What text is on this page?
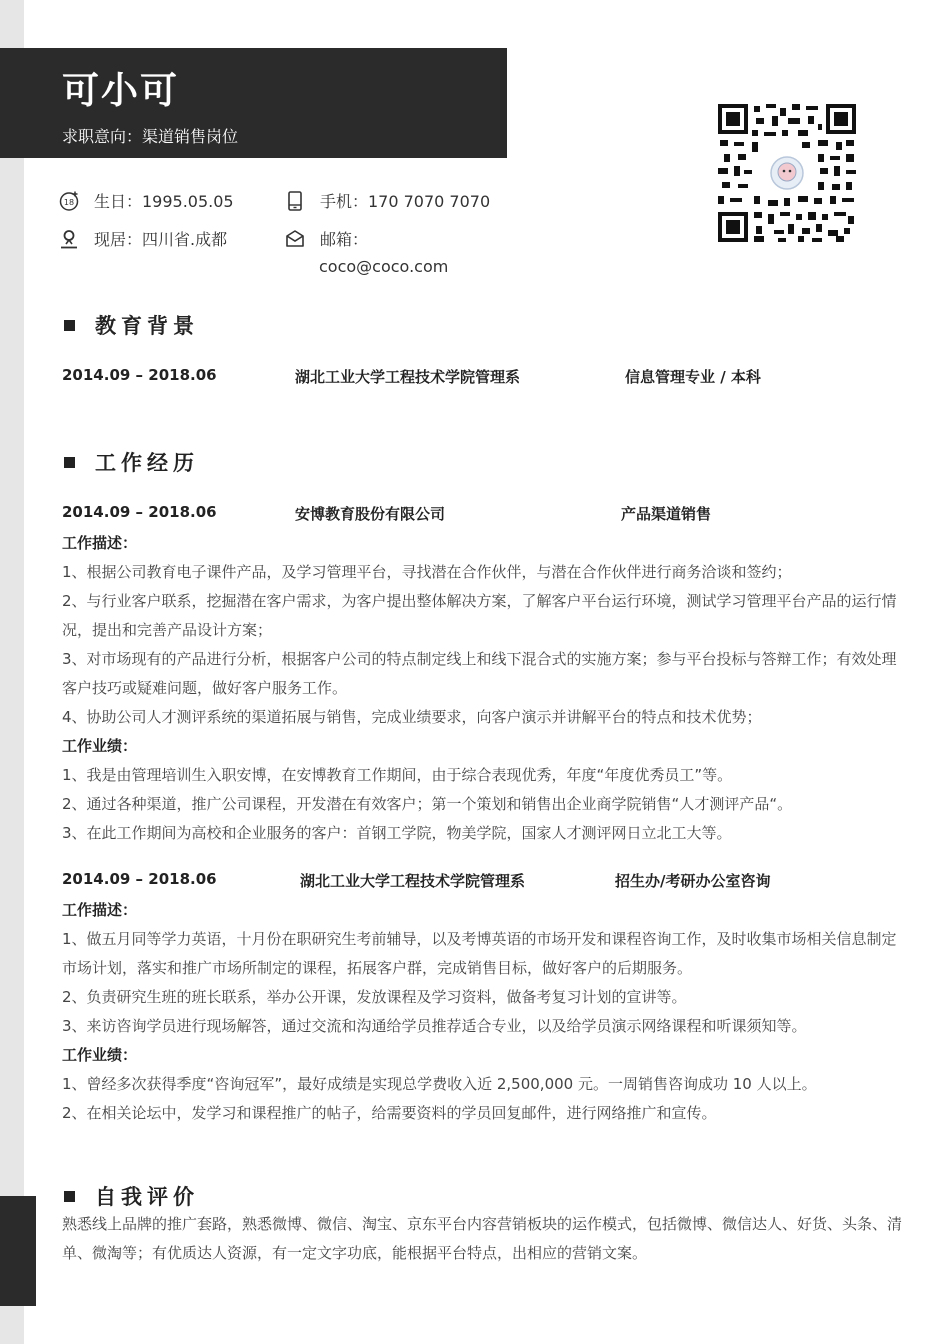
可小可
求职意向：渠道销售岗位
18 生日：1995.05.05	手机：170 7070 7070
现居：四川省.成都	邮箱：
coco@coco.com
教育背景
2014.09 – 2018.06	湖北工业大学工程技术学院管理系	信息管理专业 / 本科
工作经历
2014.09 – 2018.06	安博教育股份有限公司	产品渠道销售

工作描述：

1、根据公司教育电子课件产品，及学习管理平台，寻找潜在合作伙伴，与潜在合作伙伴进行商务洽谈和签约；

2、与行业客户联系，挖掘潜在客户需求，为客户提出整体解决方案，了解客户平台运行环境，测试学习管理平台产品的运行情况，提出和完善产品设计方案；

3、对市场现有的产品进行分析，根据客户公司的特点制定线上和线下混合式的实施方案；参与平台投标与答辩工作；有效处理客户技巧或疑难问题，做好客户服务工作。

4、协助公司人才测评系统的渠道拓展与销售，完成业绩要求，向客户演示并讲解平台的特点和技术优势；

工作业绩：

1、我是由管理培训生入职安博，在安博教育工作期间，由于综合表现优秀，年度“年度优秀员工”等。

2、通过各种渠道，推广公司课程，开发潜在有效客户；第一个策划和销售出企业商学院销售“人才测评产品“。

3、在此工作期间为高校和企业服务的客户：首钢工学院，物美学院，国家人才测评网日立北工大等。

2014.09 – 2018.06	湖北工业大学工程技术学院管理系	招生办/考研办公室咨询

工作描述：

1、做五月同等学力英语，十月份在职研究生考前辅导，以及考博英语的市场开发和课程咨询工作，及时收集市场相关信息制定市场计划，落实和推广市场所制定的课程，拓展客户群，完成销售目标，做好客户的后期服务。

2、负责研究生班的班长联系，举办公开课，发放课程及学习资料，做备考复习计划的宣讲等。

3、来访咨询学员进行现场解答，通过交流和沟通给学员推荐适合专业，以及给学员演示网络课程和听课须知等。

工作业绩：

1、曾经多次获得季度“咨询冠军”，最好成绩是实现总学费收入近 2,500,000 元。一周销售咨询成功 10 人以上。

2、在相关论坛中，发学习和课程推广的帖子，给需要资料的学员回复邮件，进行网络推广和宣传。

自我评价

熟悉线上品牌的推广套路，熟悉微博、微信、淘宝、京东平台内容营销板块的运作模式，包括微博、微信达人、好货、头条、清单、微淘等；有优质达人资源，有一定文字功底，能根据平台特点，出相应的营销文案。
